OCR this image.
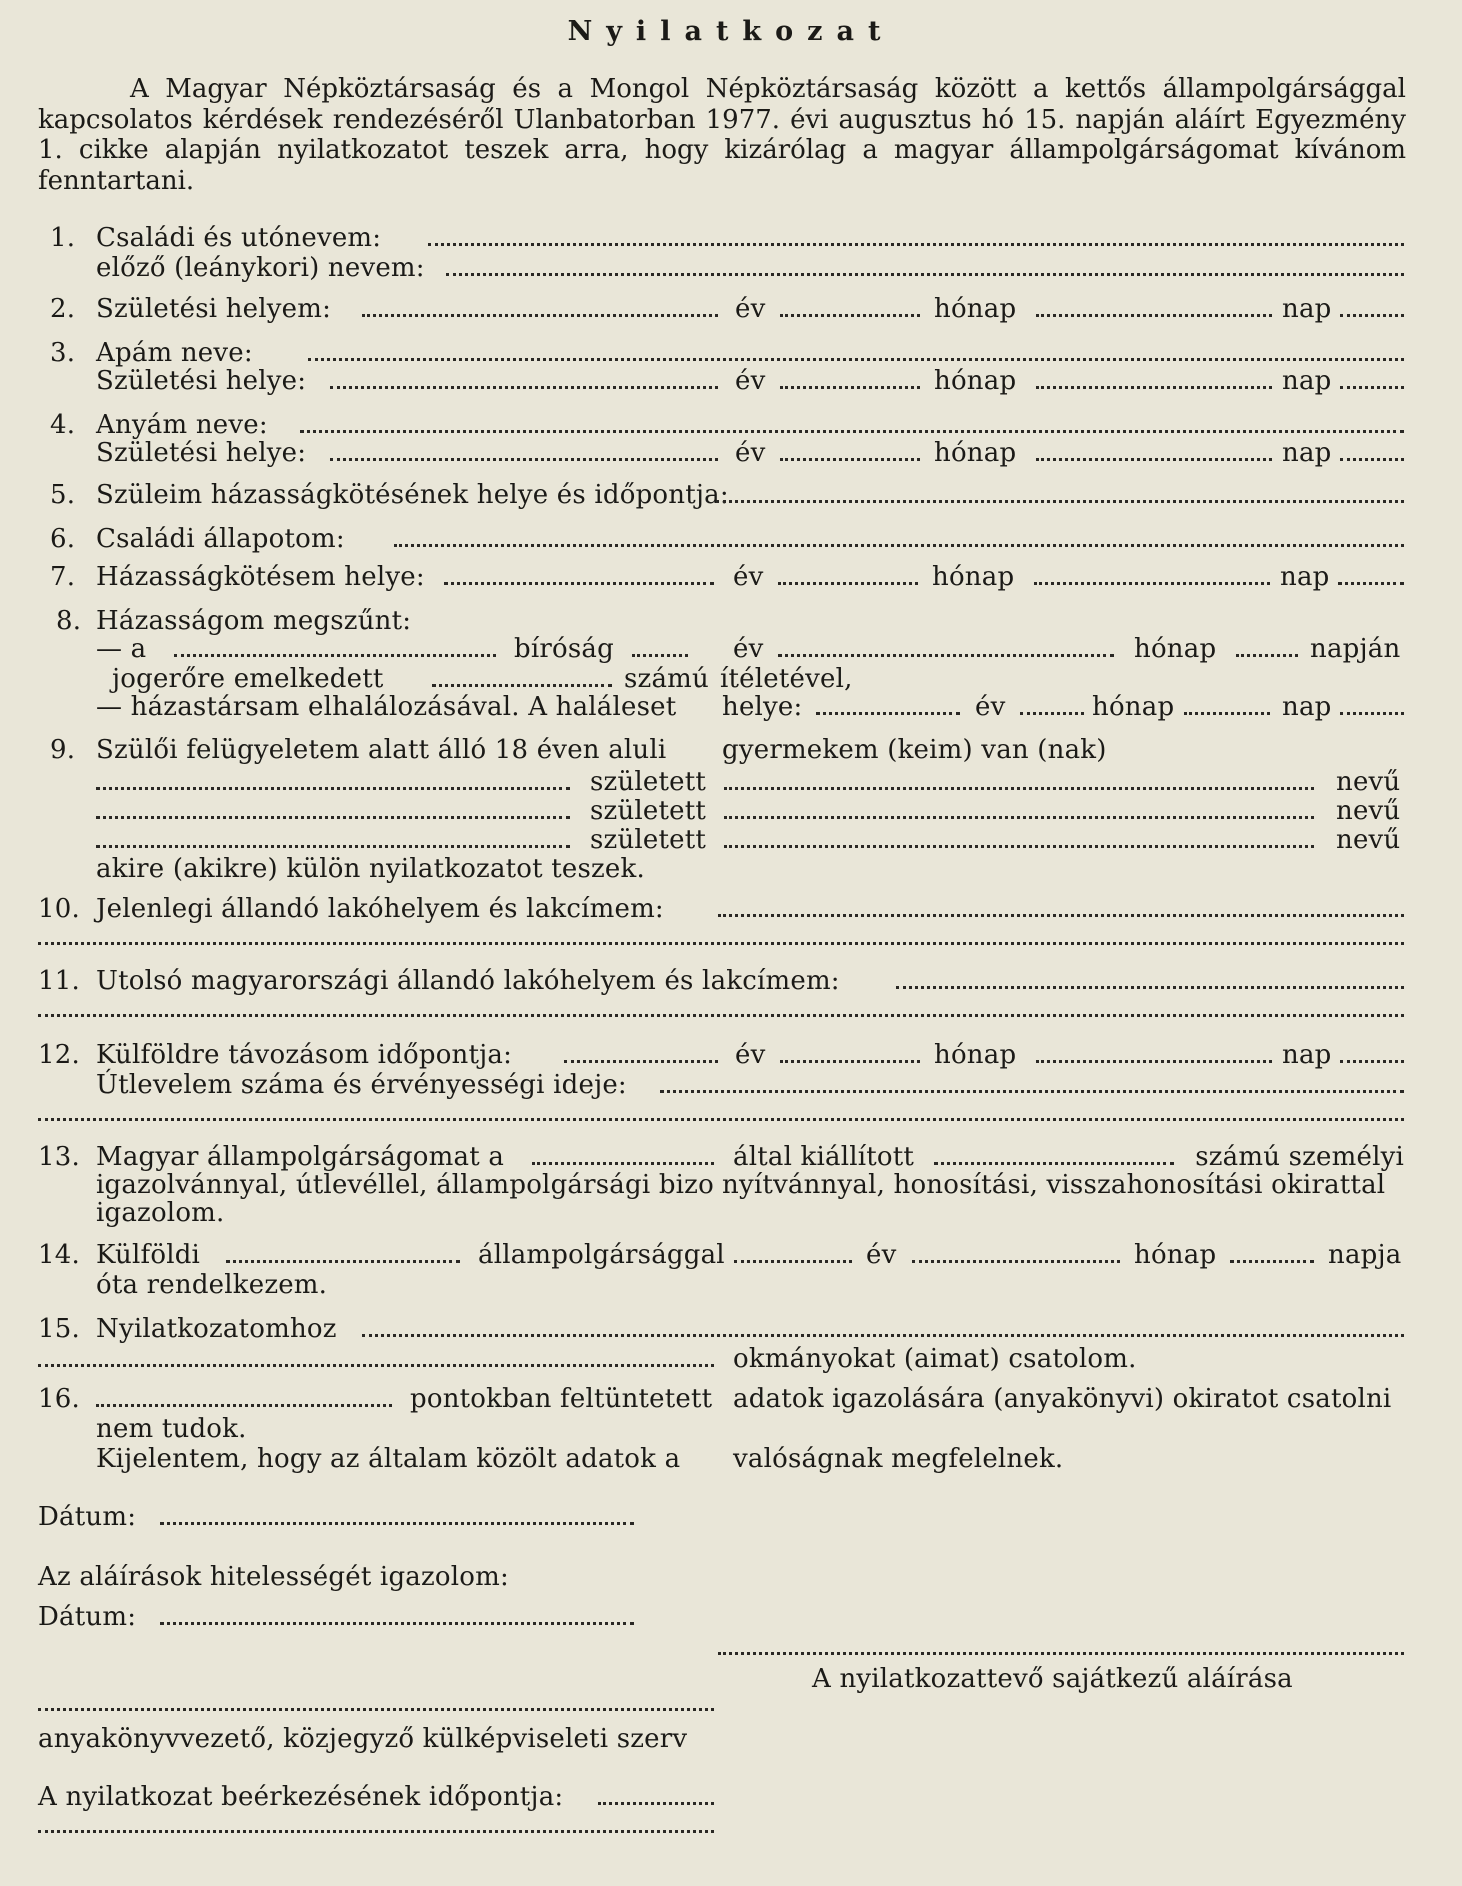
Nyilatkozat

A Magyar Népköztársaság és a Mongol Népköztársaság között a kettős állampolgársággal kapcsolatos kérdések rendezéséről Ulanbatorban 1977. évi augusztus hó 15. napján aláírt Egyezmény 1. cikke alapján nyilatkozatot teszek arra, hogy kizárólag a magyar állampolgárságomat kívánom fenntartani.

1. Családi és utónevem:
előző (leánykori) nevem:
2. Születési helyem:	év	hónap	nap
3. Apám neve:
Születési helye:	év	hónap	nap
4. Anyám neve:
Születési helye:	év	hónap	nap
5. Szüleim házasságkötésének helye és időpontja:
6. Családi állapotom:
7. Házasságkötésem helye:	év	hónap	nap
8. Házasságom megszűnt:
— a	bíróság	év	hónap	napján
jogerőre emelkedett	számú ítéletével,
— házastársam elhalálozásával. A haláleset helye:	év	hónap	nap
9. Szülői felügyeletem alatt álló 18 éven aluli gyermekem (keim) van (nak)
született	nevű
született	nevű
született	nevű
akire (akikre) külön nyilatkozatot teszek.
10. Jelenlegi állandó lakóhelyem és lakcímem:
11. Utolsó magyarországi állandó lakóhelyem és lakcímem:
12. Külföldre távozásom időpontja:	év	hónap	nap
Útlevelem száma és érvényességi ideje:
13. Magyar állampolgárságomat a	által kiállított	számú személyi
igazolvánnyal, útlevéllel, állampolgársági bizo nyítvánnyal, honosítási, visszahonosítási okirattal
igazolom.
14. Külföldi	állampolgársággal	év	hónap	napja
óta rendelkezem.
15. Nyilatkozatomhoz
okmányokat (aimat) csatolom.
16.	pontokban feltüntetett adatok igazolására (anyakönyvi) okiratot csatolni
nem tudok.
Kijelentem, hogy az általam közölt adatok a valóságnak megfelelnek.
Dátum:
Az aláírások hitelességét igazolom:
Dátum:
A nyilatkozattevő sajátkezű aláírása
anyakönyvvezető, közjegyző külképviseleti szerv
A nyilatkozat beérkezésének időpontja:
